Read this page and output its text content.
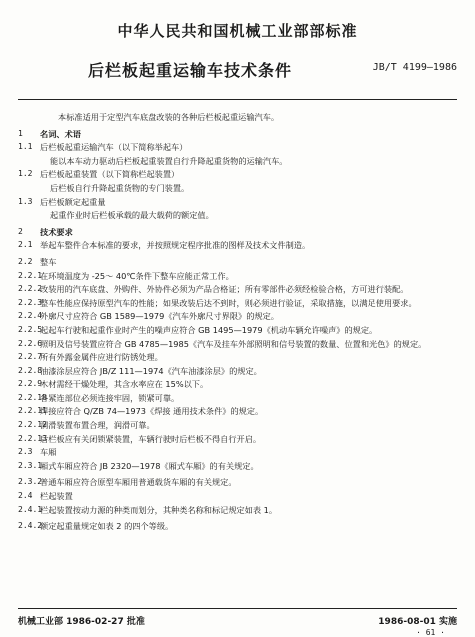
中华人民共和国机械工业部部标准
后栏板起重运输车技术条件	JB/T 4199—1986
本标准适用于定型汽车底盘改装的各种后栏板起重运输汽车。
1	名词、术语
1.1 后栏板起重运输汽车（以下简称举起车）
能以本车动力驱动后栏板起重装置自行升降起重货物的运输汽车。
1.2 后栏板起重装置（以下简称栏起装置）
后栏板自行升降起重货物的专门装置。
1.3 后栏板额定起重量
起重作业时后栏板承载的最大载荷的额定值。
2	技术要求
2.1 举起车整件合本标准的要求，并按照规定程序批准的图样及技术文件制造。
2.2 整车
2.2.1
在环境温度为 -25～ 40℃条件下整车应能正常工作。
2.2.2
改装用的汽车底盘、外购件、外协件必须为产品合格证；所有零部件必须经检验合格，方可进行装配。
2.2.3
整车性能应保持原型汽车的性能；如果改装后达不到时，则必须进行验证，采取措施，以满足使用要求。
2.2.4
外廓尺寸应符合 GB 1589—1979《汽车外廓尺寸界限》的规定。
2.2.5
起起车行驶和起重作业时产生的噪声应符合 GB 1495—1979《机动车辆允许噪声》的规定。
2.2.6
照明及信号装置应符合 GB 4785—1985《汽车及挂车外部照明和信号装置的数量、位置和光色》的规定。
2.2.7
所有外露金属件应进行防锈处理。
2.2.8
油漆涂层应符合 JB/Z 111—1974《汽车油漆涂层》的规定。
2.2.9
木材需经干燥处理，其含水率应在 15%以下。
2.2.10
各紧连部位必须连接牢固，锁紧可靠。
2.2.11
焊接应符合 Q/ZB 74—1973《焊接 通用技术条件》的规定。
2.2.12
洞滑装置布置合理，润滑可靠。
2.2.13
后栏板应有关闭锁紧装置，车辆行驶时后栏板不得自行开启。
2.3 车厢
2.3.1
厢式车厢应符合 JB 2320—1978《厢式车厢》的有关规定。
2.3.2
普通车厢应符合原型车厢用普通载货车厢的有关规定。
2.4 栏起装置
2.4.1
栏起装置按动力源的种类而划分，其种类名称和标记规定如表 1。
2.4.2
额定起重量规定如表 2 的四个等级。
机械工业部 1986-02-27 批准	1986-08-01 实施
· 61 ·
